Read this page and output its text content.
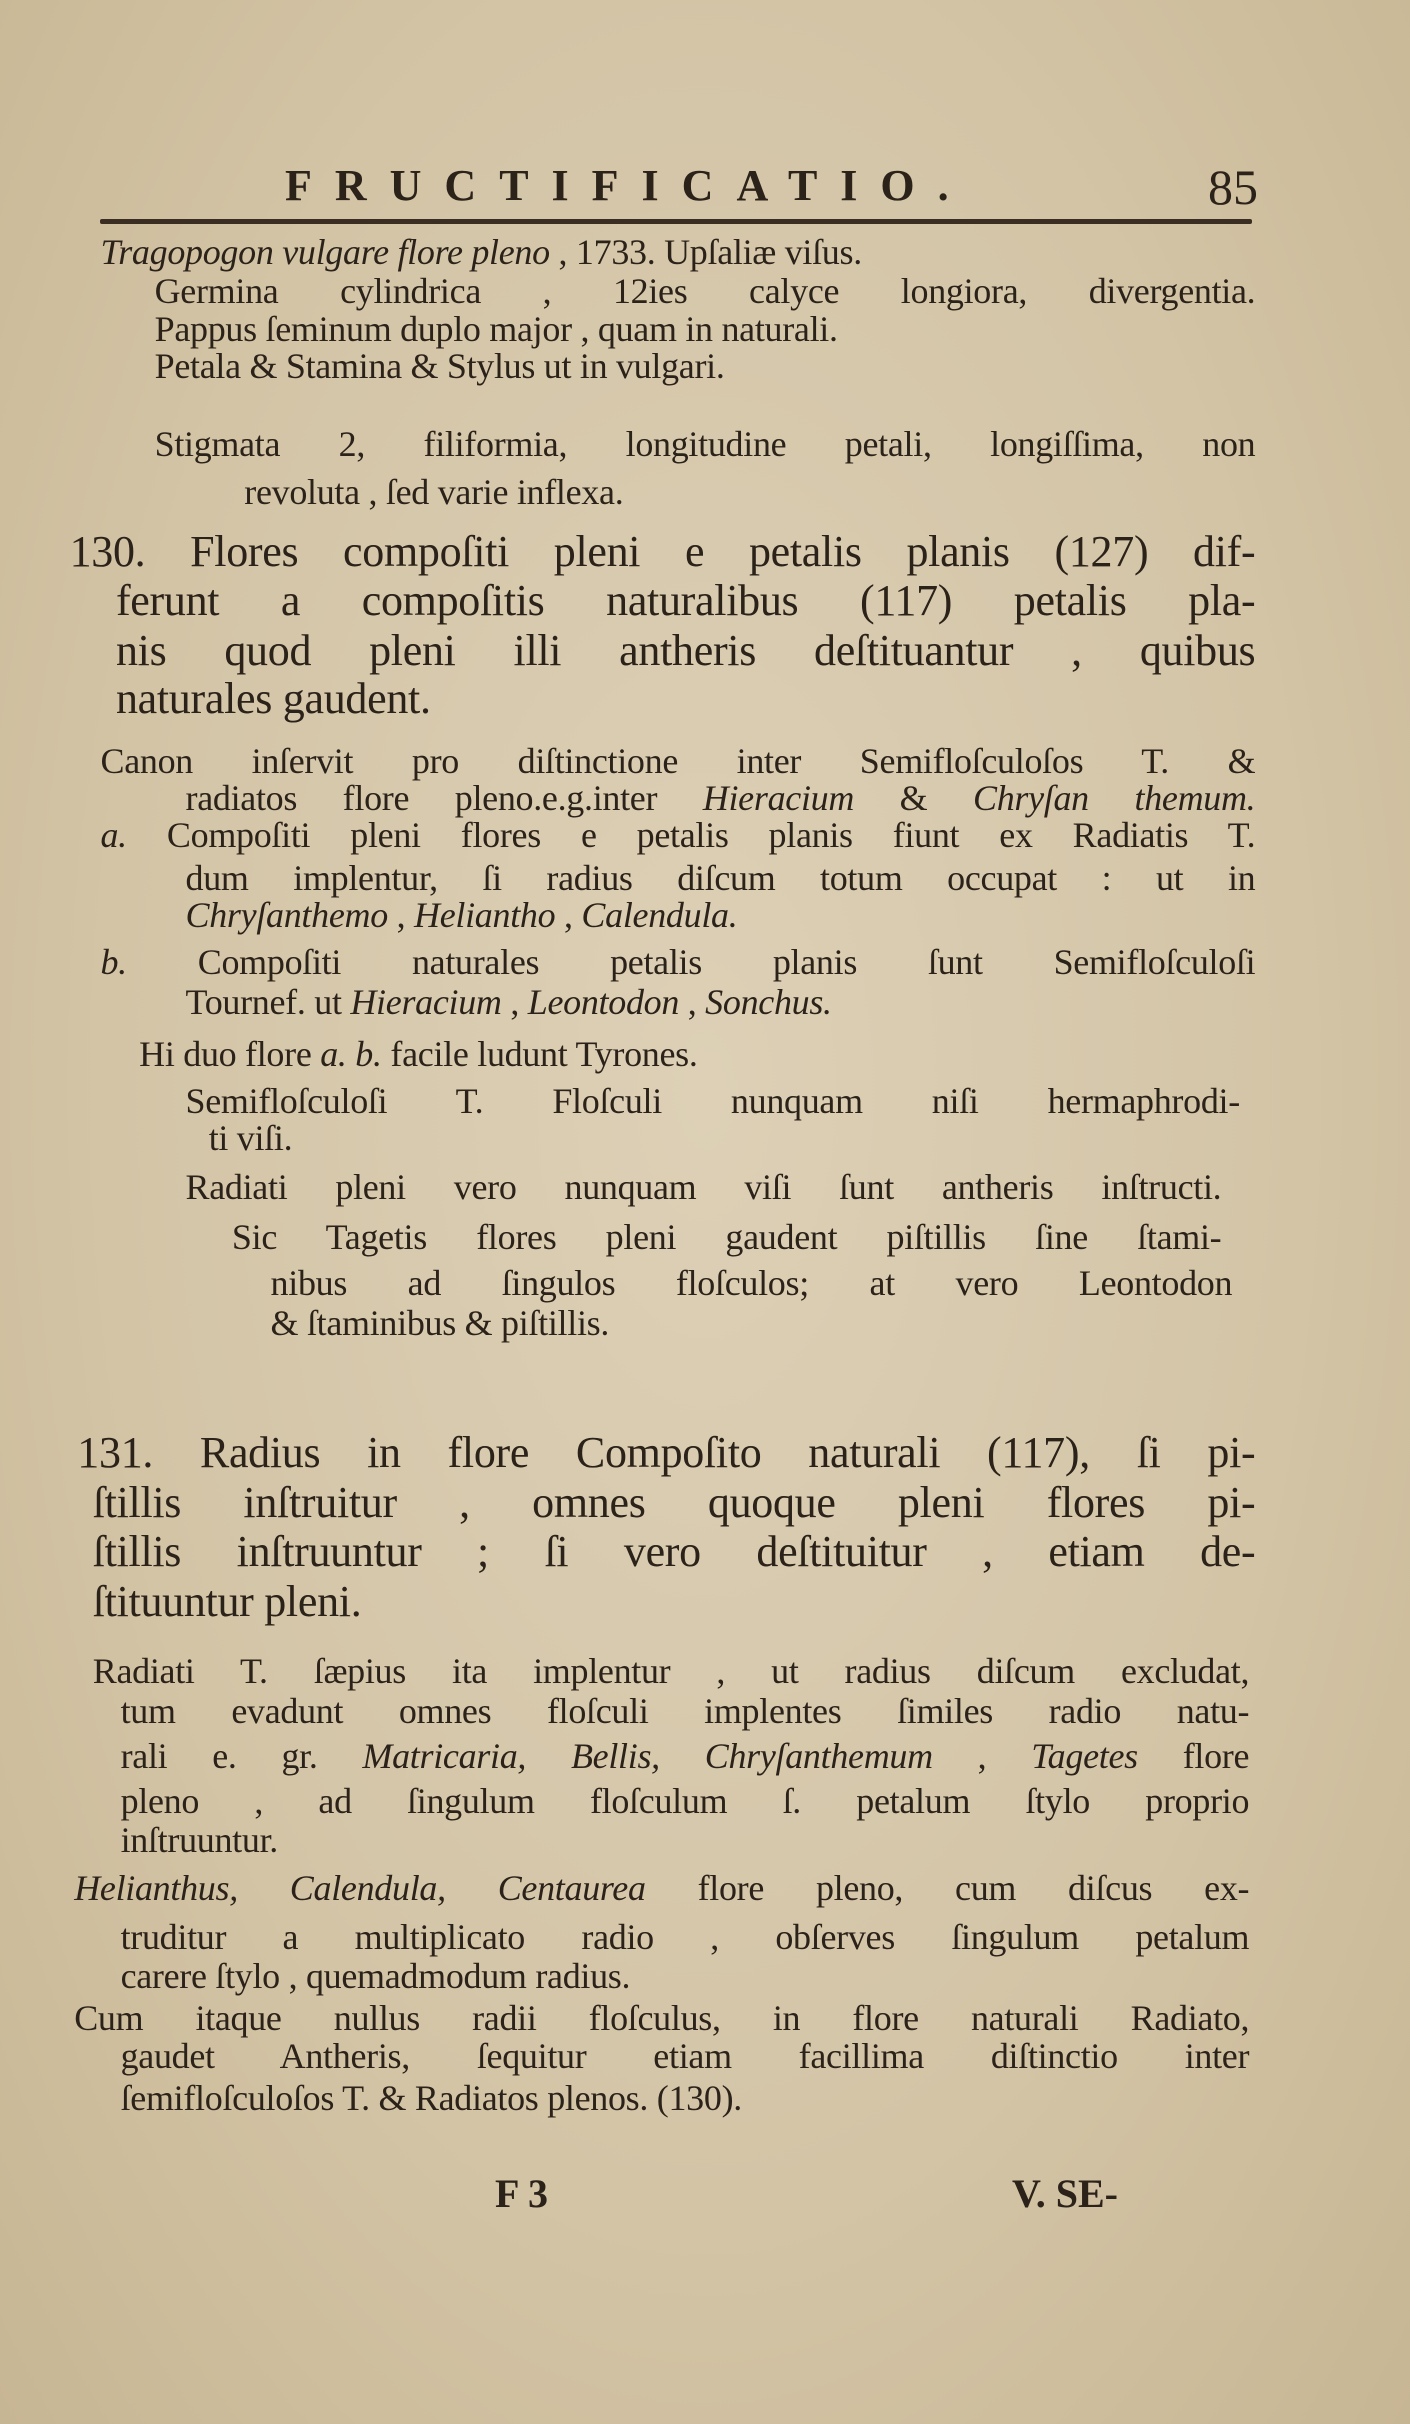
FRUCTIFICATIO.	85
Tragopogon vulgare flore pleno , 1733. Upſaliæ viſus.
Germina cylindrica , 12ies calyce longiora, divergentia.
Pappus ſeminum duplo major , quam in naturali.
Petala & Stamina & Stylus ut in vulgari.
Stigmata 2, filiformia, longitudine petali, longiſſima, non
revoluta , ſed varie inflexa.
130. Flores compoſiti pleni e petalis planis (127) dif-
ferunt a compoſitis naturalibus (117) petalis pla-
nis quod pleni illi antheris deſtituantur , quibus
naturales gaudent.
Canon inſervit pro diſtinctione inter Semifloſculoſos T. &
radiatos flore pleno.e.g.inter Hieracium & Chryſan themum.
a. Compoſiti pleni flores e petalis planis fiunt ex Radiatis T.
dum implentur, ſi radius diſcum totum occupat : ut in
Chryſanthemo , Heliantho , Calendula.
b. Compoſiti naturales petalis planis ſunt Semifloſculoſi
Tournef. ut Hieracium , Leontodon , Sonchus.
Hi duo flore a. b. facile ludunt Tyrones.
Semifloſculoſi T. Floſculi nunquam niſi hermaphrodi-
ti viſi.
Radiati pleni vero nunquam viſi ſunt antheris inſtructi.
Sic Tagetis flores pleni gaudent piſtillis ſine ſtami-
nibus ad ſingulos floſculos; at vero Leontodon
& ſtaminibus & piſtillis.
131. Radius in flore Compoſito naturali (117), ſi pi-
ſtillis inſtruitur , omnes quoque pleni flores pi-
ſtillis inſtruuntur ; ſi vero deſtituitur , etiam de-
ſtituuntur pleni.
Radiati T. ſæpius ita implentur , ut radius diſcum excludat,
tum evadunt omnes floſculi implentes ſimiles radio natu-
rali e. gr. Matricaria, Bellis, Chryſanthemum , Tagetes flore
pleno , ad ſingulum floſculum ſ. petalum ſtylo proprio
inſtruuntur.
Helianthus, Calendula, Centaurea flore pleno, cum diſcus ex-
truditur a multiplicato radio , obſerves ſingulum petalum
carere ſtylo , quemadmodum radius.
Cum itaque nullus radii floſculus, in flore naturali Radiato,
gaudet Antheris, ſequitur etiam facillima diſtinctio inter
ſemifloſculoſos T. & Radiatos plenos. (130).
F 3	V. SE-
